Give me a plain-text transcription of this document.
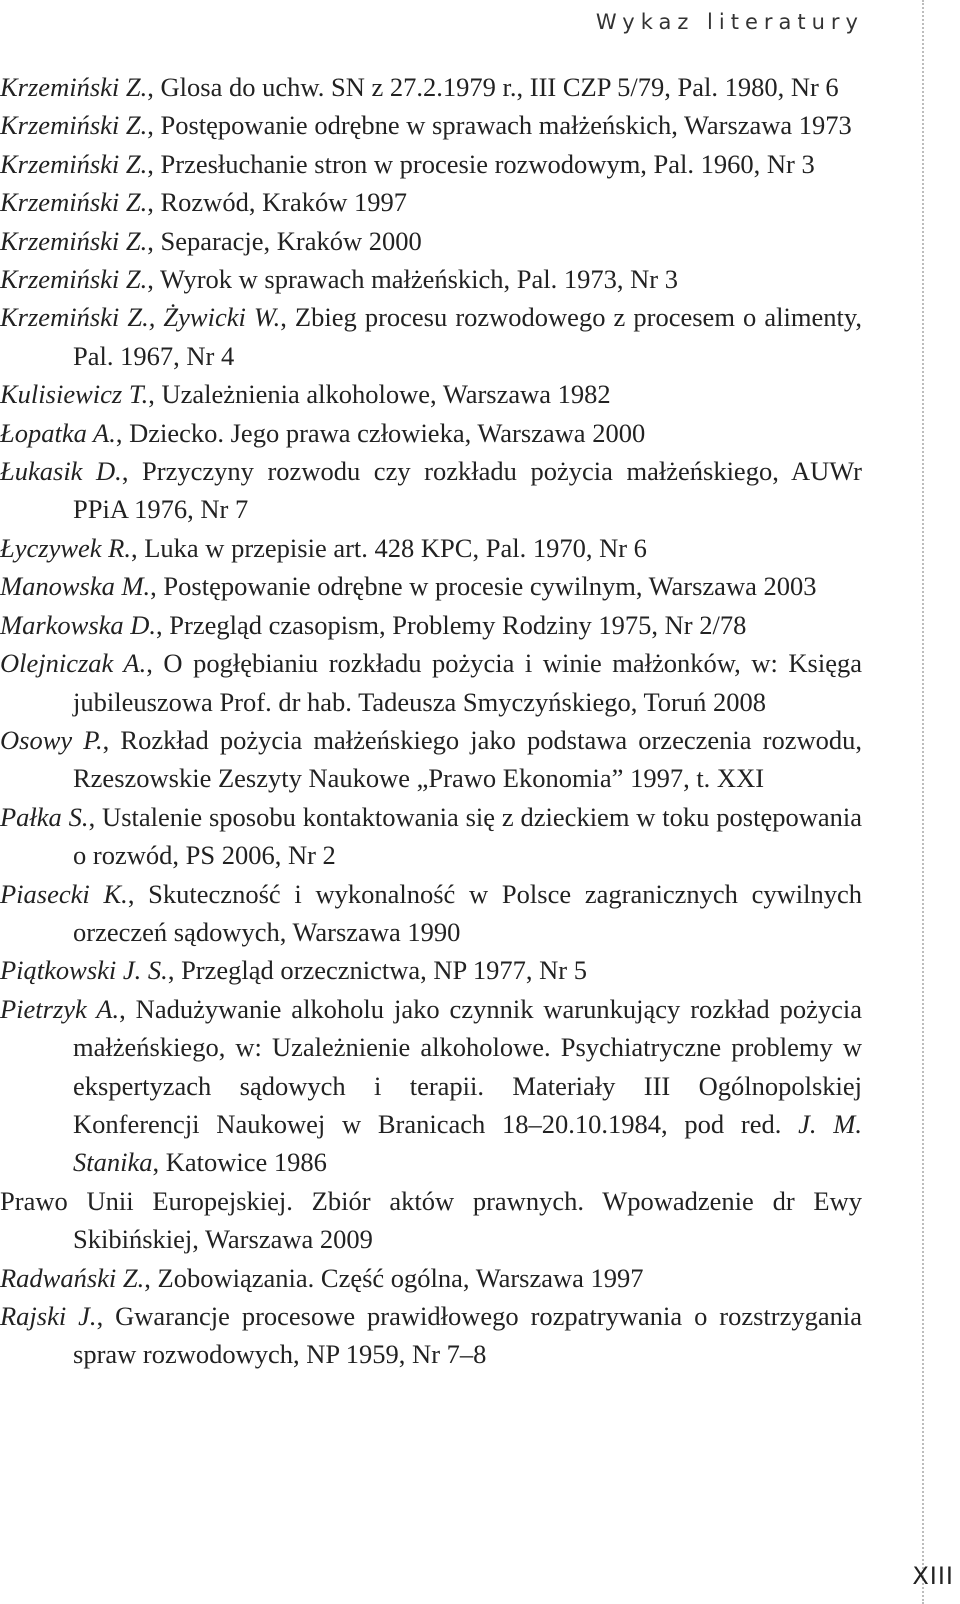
Wykaz literatury
Krzemiński Z., Glosa do uchw. SN z 27.2.1979 r., III CZP 5/79, Pal. 1980, Nr 6
Krzemiński Z., Postępowanie odrębne w sprawach małżeńskich, Warszawa 1973
Krzemiński Z., Przesłuchanie stron w procesie rozwodowym, Pal. 1960, Nr 3
Krzemiński Z., Rozwód, Kraków 1997
Krzemiński Z., Separacje, Kraków 2000
Krzemiński Z., Wyrok w sprawach małżeńskich, Pal. 1973, Nr 3
Krzemiński Z., Żywicki W., Zbieg procesu rozwodowego z procesem o alimenty, Pal. 1967, Nr 4
Kulisiewicz T., Uzależnienia alkoholowe, Warszawa 1982
Łopatka A., Dziecko. Jego prawa człowieka, Warszawa 2000
Łukasik D., Przyczyny rozwodu czy rozkładu pożycia małżeńskiego, AUWr PPiA 1976, Nr 7
Łyczywek R., Luka w przepisie art. 428 KPC, Pal. 1970, Nr 6
Manowska M., Postępowanie odrębne w procesie cywilnym, Warszawa 2003
Markowska D., Przegląd czasopism, Problemy Rodziny 1975, Nr 2/78
Olejniczak A., O pogłębianiu rozkładu pożycia i winie małżonków, w: Księga jubileuszowa Prof. dr hab. Tadeusza Smyczyńskiego, Toruń 2008
Osowy P., Rozkład pożycia małżeńskiego jako podstawa orzeczenia rozwodu, Rzeszowskie Zeszyty Naukowe „Prawo Ekonomia” 1997, t. XXI
Pałka S., Ustalenie sposobu kontaktowania się z dzieckiem w toku postępowania o rozwód, PS 2006, Nr 2
Piasecki K., Skuteczność i wykonalność w Polsce zagranicznych cywilnych orzeczeń sądowych, Warszawa 1990
Piątkowski J. S., Przegląd orzecznictwa, NP 1977, Nr 5
Pietrzyk A., Nadużywanie alkoholu jako czynnik warunkujący rozkład pożycia małżeńskiego, w: Uzależnienie alkoholowe. Psychiatryczne problemy w ekspertyzach sądowych i terapii. Materiały III Ogólnopolskiej Konferencji Naukowej w Branicach 18–20.10.1984, pod red. J. M. Stanika, Katowice 1986
Prawo Unii Europejskiej. Zbiór aktów prawnych. Wpowadzenie dr Ewy Skibińskiej, Warszawa 2009
Radwański Z., Zobowiązania. Część ogólna, Warszawa 1997
Rajski J., Gwarancje procesowe prawidłowego rozpatrywania o rozstrzygania spraw rozwodowych, NP 1959, Nr 7–8
XIII
